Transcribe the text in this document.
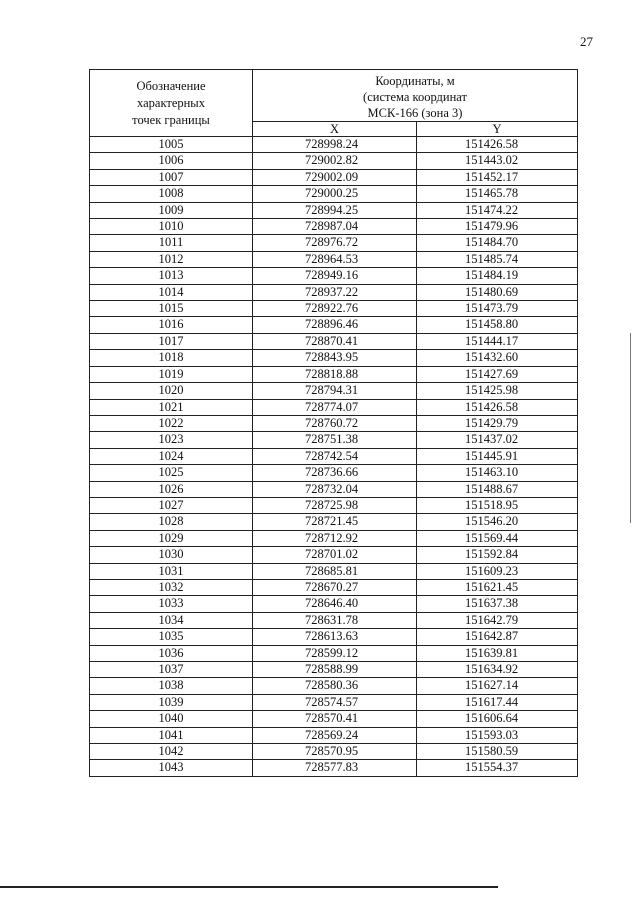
27
Обозначение
характерных
точек границы	Координаты, м
(система координат
МСК-166 (зона 3)	
	X	Y
1005	728998.24	151426.58
1006	729002.82	151443.02
1007	729002.09	151452.17
1008	729000.25	151465.78
1009	728994.25	151474.22
1010	728987.04	151479.96
1011	728976.72	151484.70
1012	728964.53	151485.74
1013	728949.16	151484.19
1014	728937.22	151480.69
1015	728922.76	151473.79
1016	728896.46	151458.80
1017	728870.41	151444.17
1018	728843.95	151432.60
1019	728818.88	151427.69
1020	728794.31	151425.98
1021	728774.07	151426.58
1022	728760.72	151429.79
1023	728751.38	151437.02
1024	728742.54	151445.91
1025	728736.66	151463.10
1026	728732.04	151488.67
1027	728725.98	151518.95
1028	728721.45	151546.20
1029	728712.92	151569.44
1030	728701.02	151592.84
1031	728685.81	151609.23
1032	728670.27	151621.45
1033	728646.40	151637.38
1034	728631.78	151642.79
1035	728613.63	151642.87
1036	728599.12	151639.81
1037	728588.99	151634.92
1038	728580.36	151627.14
1039	728574.57	151617.44
1040	728570.41	151606.64
1041	728569.24	151593.03
1042	728570.95	151580.59
1043	728577.83	151554.37
